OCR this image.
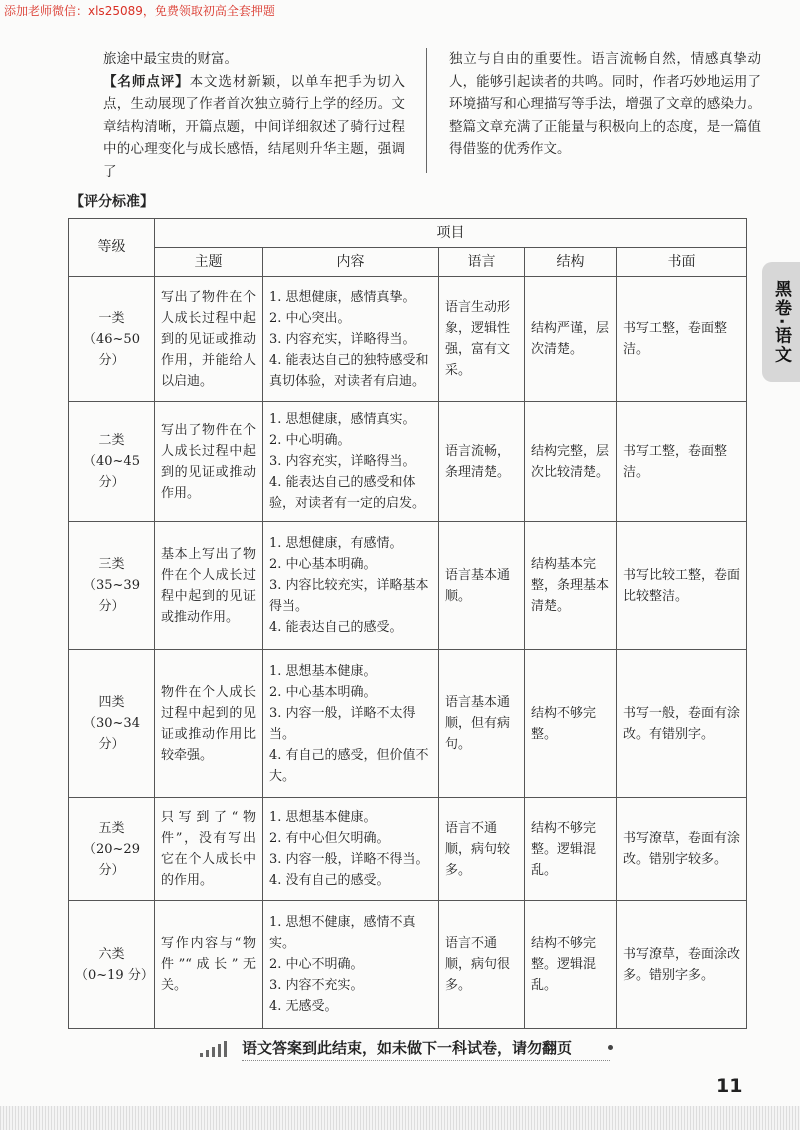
添加老师微信：xls25089，免费领取初高全套押题
旅途中最宝贵的财富。
【名师点评】本文选材新颖，以单车把手为切入点，生动展现了作者首次独立骑行上学的经历。文章结构清晰，开篇点题，中间详细叙述了骑行过程中的心理变化与成长感悟，结尾则升华主题，强调了
独立与自由的重要性。语言流畅自然，情感真挚动人，能够引起读者的共鸣。同时，作者巧妙地运用了环境描写和心理描写等手法，增强了文章的感染力。整篇文章充满了正能量与积极向上的态度，是一篇值得借鉴的优秀作文。
【评分标准】
等级	项目				
	主题	内容	语言	结构	书面

一类
（46~50 分）	写出了物件在个人成长过程中起到的见证或推动作用，并能给人以启迪。	1. 思想健康，感情真挚。
2. 中心突出。
3. 内容充实，详略得当。
4. 能表达自己的独特感受和真切体验，对读者有启迪。	语言生动形象，逻辑性强，富有文采。	结构严谨，层次清楚。	书写工整，卷面整洁。

二类
（40~45 分）	写出了物件在个人成长过程中起到的见证或推动作用。	1. 思想健康，感情真实。
2. 中心明确。
3. 内容充实，详略得当。
4. 能表达自己的感受和体验，对读者有一定的启发。	语言流畅，条理清楚。	结构完整，层次比较清楚。	书写工整，卷面整洁。

三类
（35~39 分）	基本上写出了物件在个人成长过程中起到的见证或推动作用。	1. 思想健康，有感情。
2. 中心基本明确。
3. 内容比较充实，详略基本得当。
4. 能表达自己的感受。	语言基本通顺。	结构基本完整，条理基本清楚。	书写比较工整，卷面比较整洁。

四类
（30~34 分）	物件在个人成长过程中起到的见证或推动作用比较牵强。	1. 思想基本健康。
2. 中心基本明确。
3. 内容一般，详略不太得当。
4. 有自己的感受，但价值不大。	语言基本通顺，但有病句。	结构不够完整。	书写一般，卷面有涂改。有错别字。

五类
（20~29 分）	只写到了“物件”，没有写出它在个人成长中的作用。	1. 思想基本健康。
2. 有中心但欠明确。
3. 内容一般，详略不得当。
4. 没有自己的感受。	语言不通顺，病句较多。	结构不够完整。逻辑混乱。	书写潦草，卷面有涂改。错别字较多。

六类
（0~19 分）	写作内容与“物件”“成长”无关。	1. 思想不健康，感情不真实。
2. 中心不明确。
3. 内容不充实。
4. 无感受。	语言不通顺，病句很多。	结构不够完整。逻辑混乱。	书写潦草，卷面涂改多。错别字多。
黑卷·语文
语文答案到此结束，如未做下一科试卷，请勿翻页
11
